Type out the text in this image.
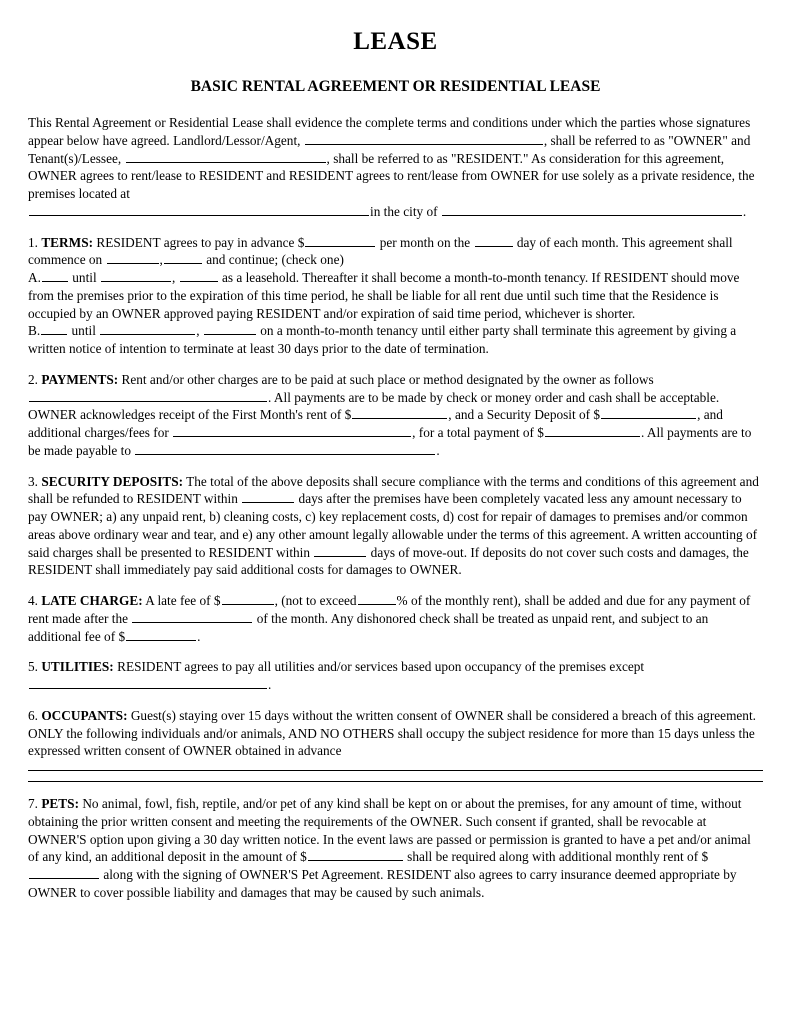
LEASE
BASIC RENTAL AGREEMENT OR RESIDENTIAL LEASE

This Rental Agreement or Residential Lease shall evidence the complete terms and conditions under which the parties whose signatures appear below have agreed. Landlord/Lessor/Agent,	, shall be referred to as "OWNER" and Tenant(s)/Lessee,	, shall be referred to as "RESIDENT." As consideration for this agreement, OWNER agrees to rent/lease to RESIDENT and RESIDENT agrees to rent/lease from OWNER for use solely as a private residence, the premises located at
in the city of	.

1. TERMS: RESIDENT agrees to pay in advance $	per month on the	day of each month. This agreement shall commence on	,	and continue; (check one)
A. until	,	as a leasehold. Thereafter it shall become a month-to-month tenancy. If RESIDENT should move from the premises prior to the expiration of this time period, he shall be liable for all rent due until such time that the Residence is occupied by an OWNER approved paying RESIDENT and/or expiration of said time period, whichever is shorter.
B. until	,	on a month-to-month tenancy until either party shall terminate this agreement by giving a written notice of intention to terminate at least 30 days prior to the date of termination.

2. PAYMENTS: Rent and/or other charges are to be paid at such place or method designated by the owner as follows
. All payments are to be made by check or money order and cash shall be acceptable. OWNER acknowledges receipt of the First Month's rent of $	, and a Security Deposit of $	, and additional charges/fees for	, for a total payment of $	. All payments are to be made payable to	.

3. SECURITY DEPOSITS: The total of the above deposits shall secure compliance with the terms and conditions of this agreement and shall be refunded to RESIDENT within	days after the premises have been completely vacated less any amount necessary to pay OWNER; a) any unpaid rent, b) cleaning costs, c) key replacement costs, d) cost for repair of damages to premises and/or common areas above ordinary wear and tear, and e) any other amount legally allowable under the terms of this agreement. A written accounting of said charges shall be presented to RESIDENT within	days of move-out. If deposits do not cover such costs and damages, the RESIDENT shall immediately pay said additional costs for damages to OWNER.

4. LATE CHARGE: A late fee of $	, (not to exceed	% of the monthly rent), shall be added and due for any payment of rent made after the	of the month. Any dishonored check shall be treated as unpaid rent, and subject to an additional fee of $	.

5. UTILITIES: RESIDENT agrees to pay all utilities and/or services based upon occupancy of the premises except
.

6. OCCUPANTS: Guest(s) staying over 15 days without the written consent of OWNER shall be considered a breach of this agreement. ONLY the following individuals and/or animals, AND NO OTHERS shall occupy the subject residence for more than 15 days unless the expressed written consent of OWNER obtained in advance

7. PETS: No animal, fowl, fish, reptile, and/or pet of any kind shall be kept on or about the premises, for any amount of time, without obtaining the prior written consent and meeting the requirements of the OWNER. Such consent if granted, shall be revocable at OWNER'S option upon giving a 30 day written notice. In the event laws are passed or permission is granted to have a pet and/or animal of any kind, an additional deposit in the amount of $	shall be required along with additional monthly rent of $ along with the signing of OWNER'S Pet Agreement. RESIDENT also agrees to carry insurance deemed appropriate by OWNER to cover possible liability and damages that may be caused by such animals.
